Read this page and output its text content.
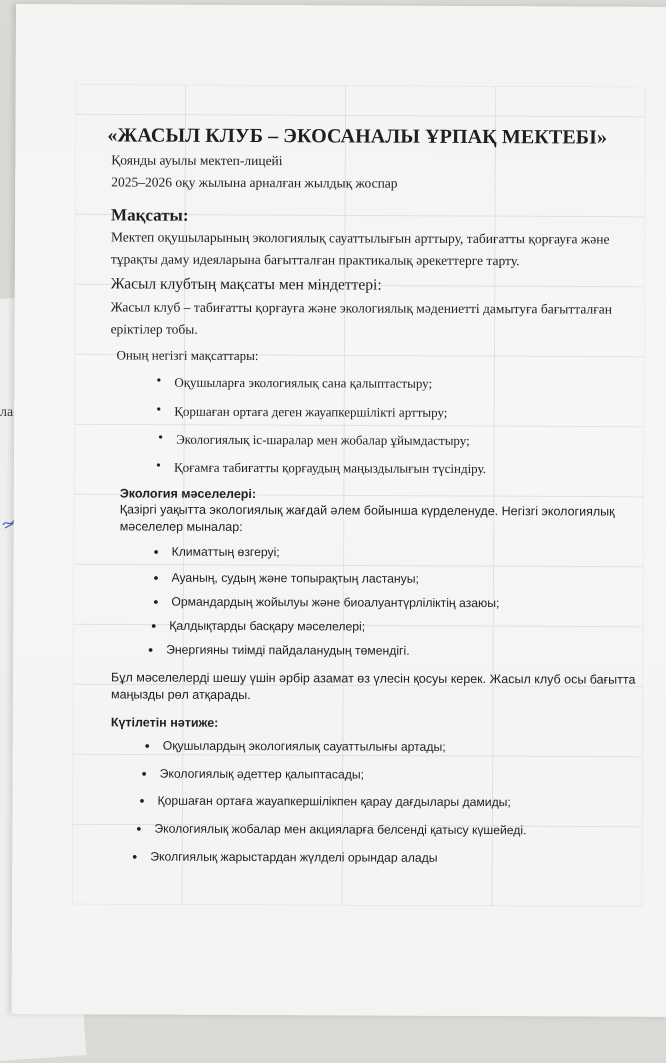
ла
«ЖАСЫЛ КЛУБ – ЭКОСАНАЛЫ ҰРПАҚ МЕКТЕБІ»
Қоянды ауылы мектеп-лицейі
2025–2026 оқу жылына арналған жылдық жоспар
Мақсаты:
Мектеп оқушыларының экологиялық сауаттылығын арттыру, табиғатты қорғауға және тұрақты даму идеяларына бағытталған практикалық әрекеттерге тарту.
Жасыл клубтың мақсаты мен міндеттері:
Жасыл клуб – табиғатты қорғауға және экологиялық мәдениетті дамытуға бағытталған еріктілер тобы.
Оның негізгі мақсаттары:
• Оқушыларға экологиялық сана қалыптастыру;
• Қоршаған ортаға деген жауапкершілікті арттыру;
• Экологиялық іс-шаралар мен жобалар ұйымдастыру;
• Қоғамға табиғатты қорғаудың маңыздылығын түсіндіру.
Экология мәселелері:
Қазіргі уақытта экологиялық жағдай әлем бойынша күрделенуде. Негізгі экологиялық мәселелер мыналар:
• Климаттың өзгеруі;
• Ауаның, судың және топырақтың ластануы;
• Ормандардың жойылуы және биоалуантүрліліктің азаюы;
• Қалдықтарды басқару мәселелері;
• Энергияны тиімді пайдаланудың төмендігі.
Бұл мәселелерді шешу үшін әрбір азамат өз үлесін қосуы керек. Жасыл клуб осы бағытта маңызды рөл атқарады.
Күтілетін нәтиже:
• Оқушылардың экологиялық сауаттылығы артады;
• Экологиялық әдеттер қалыптасады;
• Қоршаған ортаға жауапкершілікпен қарау дағдылары дамиды;
• Экологиялық жобалар мен акцияларға белсенді қатысу күшейеді.
• Эколгиялық жарыстардан жүлделі орындар алады
